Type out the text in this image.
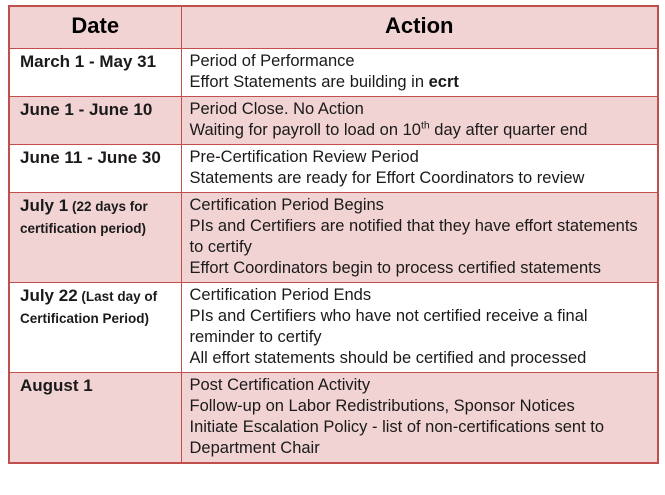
Date	Action
March 1 - May 31	Period of Performance
Effort Statements are building in ecrt

June 1 - June 10	Period Close. No Action
Waiting for payroll to load on 10th day after quarter end

June 11 - June 30	Pre-Certification Review Period
Statements are ready for Effort Coordinators to review

July 1 (22 days for certification period)	Certification Period Begins
PIs and Certifiers are notified that they have effort statements to certify
Effort Coordinators begin to process certified statements

July 22 (Last day of Certification Period)	Certification Period Ends
PIs and Certifiers who have not certified receive a final reminder to certify
All effort statements should be certified and processed

August 1	Post Certification Activity
Follow-up on Labor Redistributions, Sponsor Notices
Initiate Escalation Policy - list of non-certifications sent to Department Chair
